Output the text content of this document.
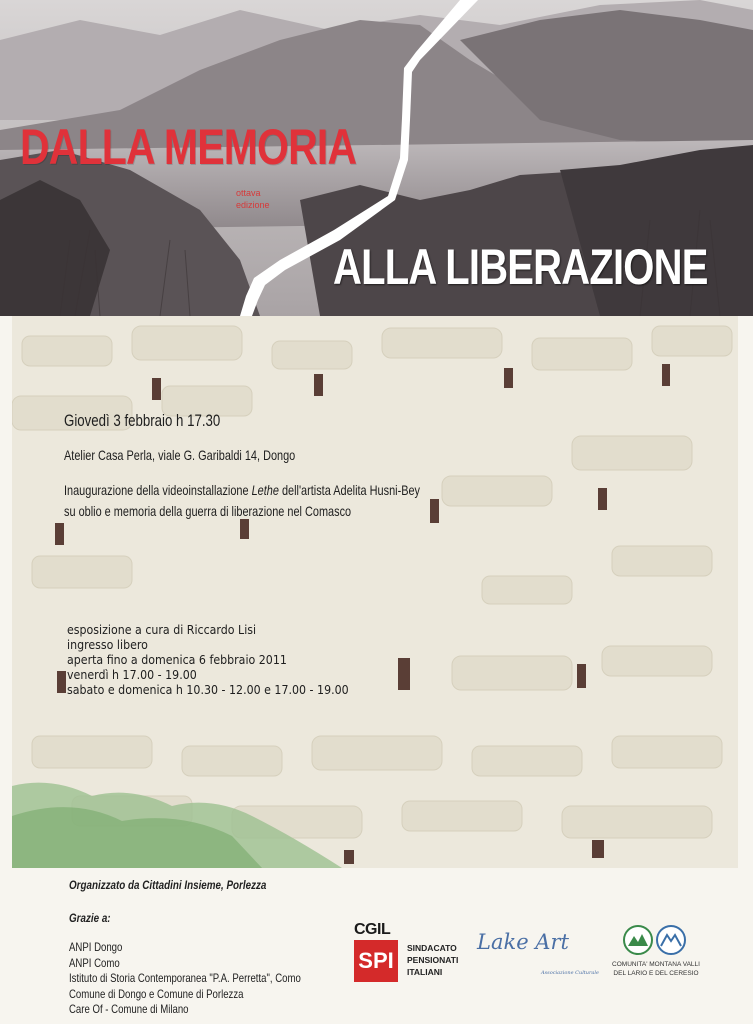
DALLA MEMORIA
ottava
edizione
ALLA LIBERAZIONE
Giovedì 3 febbraio h 17.30
Atelier Casa Perla, viale G. Garibaldi 14, Dongo
Inaugurazione della videoinstallazione Lethe dell'artista Adelita Husni-Bey
su oblio e memoria della guerra di liberazione nel Comasco
esposizione a cura di Riccardo Lisi
ingresso libero
aperta fino a domenica 6 febbraio 2011
venerdì h 17.00 - 19.00
sabato e domenica h 10.30 - 12.00 e 17.00 - 19.00
Organizzato da Cittadini Insieme, Porlezza
Grazie a:
ANPI Dongo
ANPI Como
Istituto di Storia Contemporanea "P.A. Perretta", Como
Comune di Dongo e Comune di Porlezza
Care Of - Comune di Milano
CGIL
SPI	SINDACATO
PENSIONATI
ITALIANI
Lake Art
Associazione Culturale
COMUNITA' MONTANA VALLI
DEL LARIO E DEL CERESIO
